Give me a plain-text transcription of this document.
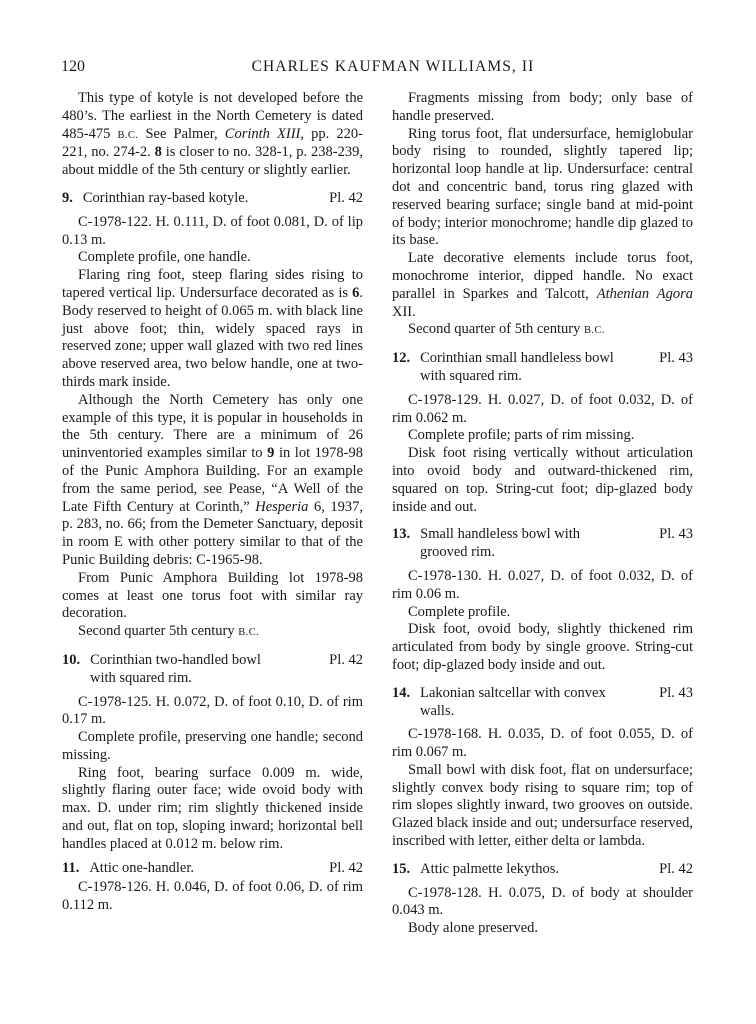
120	CHARLES KAUFMAN WILLIAMS, II

This type of kotyle is not developed before the 480’s. The earliest in the North Cemetery is dated 485-475 B.C. See Palmer, Corinth XIII, pp. 220-221, no. 274-2. 8 is closer to no. 328-1, p. 238-239, about middle of the 5th century or slightly earlier.

9. Corinthian ray-based kotyle.	Pl. 42

C-1978-122. H. 0.111, D. of foot 0.081, D. of lip 0.13 m.

Complete profile, one handle.

Flaring ring foot, steep flaring sides rising to tapered vertical lip. Undersurface decorated as is 6. Body reserved to height of 0.065 m. with black line just above foot; thin, widely spaced rays in reserved zone; upper wall glazed with two red lines above reserved area, two below handle, one at two-thirds mark inside.

Although the North Cemetery has only one example of this type, it is popular in households in the 5th century. There are a minimum of 26 uninventoried examples similar to 9 in lot 1978-98 of the Punic Amphora Building. For an example from the same period, see Pease, “A Well of the Late Fifth Century at Corinth,” Hesperia 6, 1937, p. 283, no. 66; from the Demeter Sanctuary, deposit in room E with other pottery similar to that of the Punic Building debris: C-1965-98.

From Punic Amphora Building lot 1978-98 comes at least one torus foot with similar ray decoration.

Second quarter 5th century B.C.

10. Corinthian two-handled bowl
with squared rim.
Pl. 42

C-1978-125. H. 0.072, D. of foot 0.10, D. of rim 0.17 m.

Complete profile, preserving one handle; second missing.

Ring foot, bearing surface 0.009 m. wide, slightly flaring outer face; wide ovoid body with max. D. under rim; rim slightly thickened inside and out, flat on top, sloping inward; horizontal bell handles placed at 0.012 m. below rim.

11. Attic one-handler.	Pl. 42

C-1978-126. H. 0.046, D. of foot 0.06, D. of rim 0.112 m.

Fragments missing from body; only base of handle preserved.

Ring torus foot, flat undersurface, hemiglobular body rising to rounded, slightly tapered lip; horizontal loop handle at lip. Undersurface: central dot and concentric band, torus ring glazed with reserved bearing surface; single band at mid-point of body; interior monochrome; handle dip glazed to its base.

Late decorative elements include torus foot, monochrome interior, dipped handle. No exact parallel in Sparkes and Talcott, Athenian Agora XII.

Second quarter of 5th century B.C.

12. Corinthian small handleless bowl
with squared rim.
Pl. 43

C-1978-129. H. 0.027, D. of foot 0.032, D. of rim 0.062 m.

Complete profile; parts of rim missing.

Disk foot rising vertically without articulation into ovoid body and outward-thickened rim, squared on top. String-cut foot; dip-glazed body inside and out.

13. Small handleless bowl with
grooved rim.
Pl. 43

C-1978-130. H. 0.027, D. of foot 0.032, D. of rim 0.06 m.

Complete profile.

Disk foot, ovoid body, slightly thickened rim articulated from body by single groove. String-cut foot; dip-glazed body inside and out.

14. Lakonian saltcellar with convex
walls.
Pl. 43

C-1978-168. H. 0.035, D. of foot 0.055, D. of rim 0.067 m.

Small bowl with disk foot, flat on undersurface; slightly convex body rising to square rim; top of rim slopes slightly inward, two grooves on outside. Glazed black inside and out; undersurface reserved, inscribed with letter, either delta or lambda.

15. Attic palmette lekythos.	Pl. 42

C-1978-128. H. 0.075, D. of body at shoulder 0.043 m.

Body alone preserved.
